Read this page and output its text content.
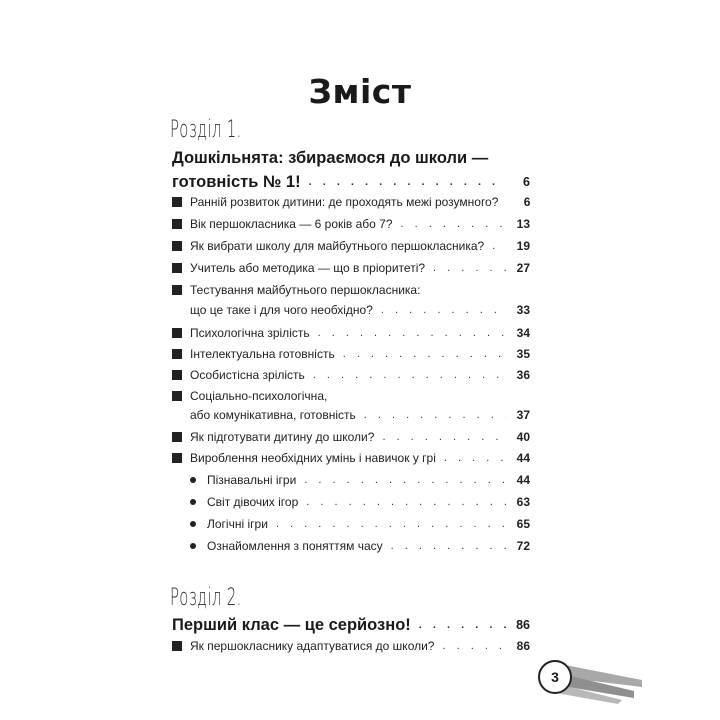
Зміст
Розділ 1.
Дошкільнята: збираємося до школи —
готовність № 1! . . .	6
Ранній розвиток дитини: де проходять межі розумного?	6
Вік першокласника — 6 років або 7? . . .	13
Як вибрати школу для майбутнього першокласника? . . .	19
Учитель або методика — що в пріоритеті? . . .	27
Тестування майбутнього першокласника:
що це таке і для чого необхідно? . . .	33
Психологічна зрілість . . .	34
Інтелектуальна готовність . . .	35
Особистісна зрілість . . .	36
Соціально-психологічна,
або комунікативна, готовність . . .	37
Як підготувати дитину до школи? . . .	40
Вироблення необхідних умінь і навичок у грі . . .	44
Пізнавальні ігри . . .	44
Світ дівочих ігор . . .	63
Логічні ігри . . .	65
Ознайомлення з поняттям часу . . .	72
Розділ 2.
Перший клас — це серйозно! . . .	86
Як першокласнику адаптуватися до школи? . . .	86
3
